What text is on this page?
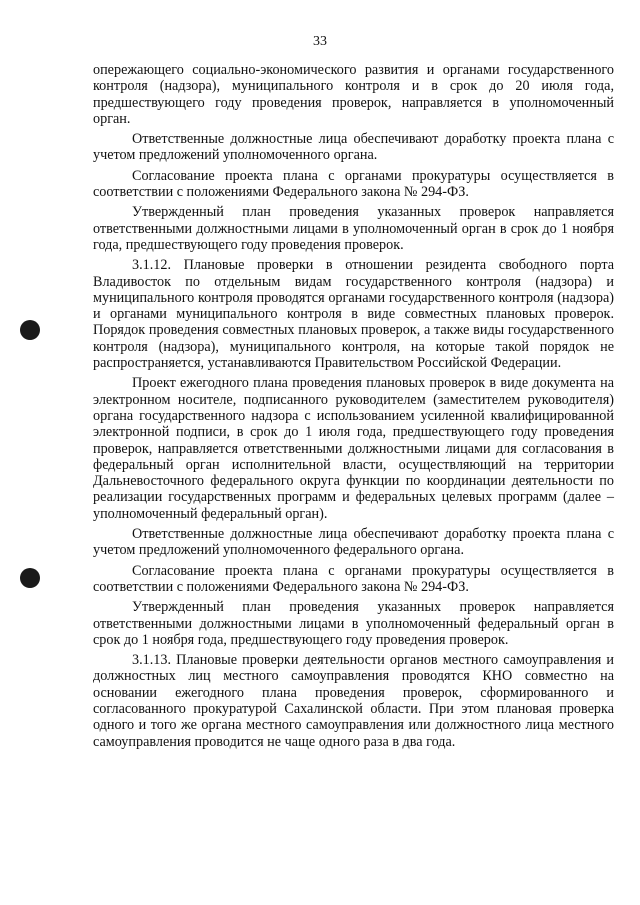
33

опережающего социально-экономического развития и органами государственного контроля (надзора), муниципального контроля и в срок до 20 июля года, предшествующего году проведения проверок, направляется в уполномоченный орган.

Ответственные должностные лица обеспечивают доработку проекта плана с учетом предложений уполномоченного органа.

Согласование проекта плана с органами прокуратуры осуществляется в соответствии с положениями Федерального закона № 294-ФЗ.

Утвержденный план проведения указанных проверок направляется ответственными должностными лицами в уполномоченный орган в срок до 1 ноября года, предшествующего году проведения проверок.

3.1.12. Плановые проверки в отношении резидента свободного порта Владивосток по отдельным видам государственного контроля (надзора) и муниципального контроля проводятся органами государственного контроля (надзора) и органами муниципального контроля в виде совместных плановых проверок. Порядок проведения совместных плановых проверок, а также виды государственного контроля (надзора), муниципального контроля, на которые такой порядок не распространяется, устанавливаются Правительством Российской Федерации.

Проект ежегодного плана проведения плановых проверок в виде документа на электронном носителе, подписанного руководителем (заместителем руководителя) органа государственного надзора с использованием усиленной квалифицированной электронной подписи, в срок до 1 июля года, предшествующего году проведения проверок, направляется ответственными должностными лицами для согласования в федеральный орган исполнительной власти, осуществляющий на территории Дальневосточного федерального округа функции по координации деятельности по реализации государственных программ и федеральных целевых программ (далее – уполномоченный федеральный орган).

Ответственные должностные лица обеспечивают доработку проекта плана с учетом предложений уполномоченного федерального органа.

Согласование проекта плана с органами прокуратуры осуществляется в соответствии с положениями Федерального закона № 294-ФЗ.

Утвержденный план проведения указанных проверок направляется ответственными должностными лицами в уполномоченный федеральный орган в срок до 1 ноября года, предшествующего году проведения проверок.

3.1.13. Плановые проверки деятельности органов местного самоуправления и должностных лиц местного самоуправления проводятся КНО совместно на основании ежегодного плана проведения проверок, сформированного и согласованного прокуратурой Сахалинской области. При этом плановая проверка одного и того же органа местного самоуправления или должностного лица местного самоуправления проводится не чаще одного раза в два года.
